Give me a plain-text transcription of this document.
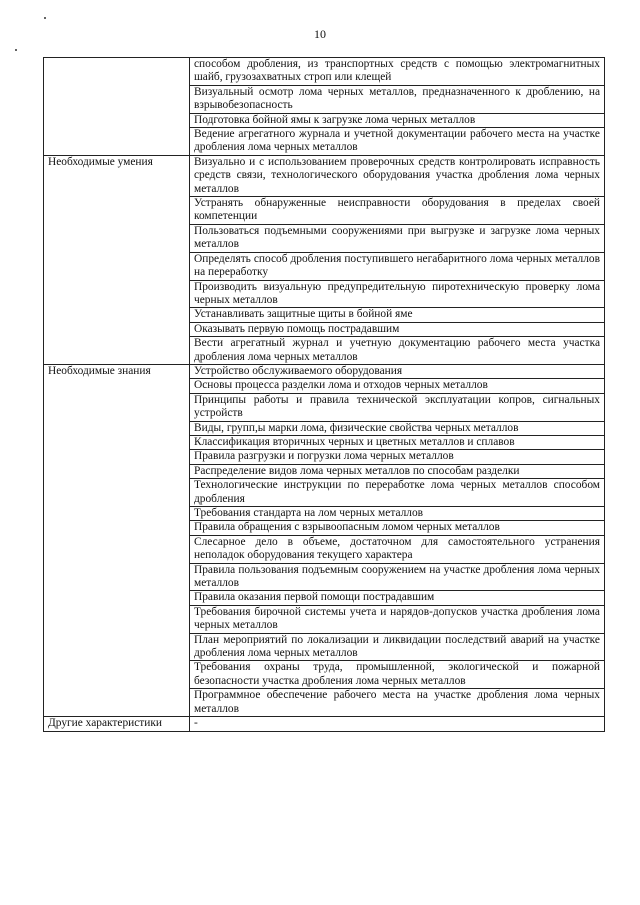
10
	способом дробления, из транспортных средств с помощью электромагнитных шайб, грузозахватных строп или клещей
	Визуальный осмотр лома черных металлов, предназначенного к дроблению, на взрывобезопасность
	Подготовка бойной ямы к загрузке лома черных металлов
	Ведение агрегатного журнала и учетной документации рабочего места на участке дробления лома черных металлов
Необходимые умения	Визуально и с использованием проверочных средств контролировать исправность средств связи, технологического оборудования участка дробления лома черных металлов
	Устранять обнаруженные неисправности оборудования в пределах своей компетенции
	Пользоваться подъемными сооружениями при выгрузке и загрузке лома черных металлов
	Определять способ дробления поступившего негабаритного лома черных металлов на переработку
	Производить визуальную предупредительную пиротехническую проверку лома черных металлов
	Устанавливать защитные щиты в бойной яме
	Оказывать первую помощь пострадавшим
	Вести агрегатный журнал и учетную документацию рабочего места участка дробления лома черных металлов
Необходимые знания	Устройство обслуживаемого оборудования
	Основы процесса разделки лома и отходов черных металлов
	Принципы работы и правила технической эксплуатации копров, сигнальных устройств
	Виды, групп,ы марки лома, физические свойства черных металлов
	Классификация вторичных черных и цветных металлов и сплавов
	Правила разгрузки и погрузки лома черных металлов
	Распределение видов лома черных металлов по способам разделки
	Технологические инструкции по переработке лома черных металлов способом дробления
	Требования стандарта на лом черных металлов
	Правила обращения с взрывоопасным ломом черных металлов
	Слесарное дело в объеме, достаточном для самостоятельного устранения неполадок оборудования текущего характера
	Правила пользования подъемным сооружением на участке дробления лома черных металлов
	Правила оказания первой помощи пострадавшим
	Требования бирочной системы учета и нарядов-допусков участка дробления лома черных металлов
	План мероприятий по локализации и ликвидации последствий аварий на участке дробления лома черных металлов
	Требования охраны труда, промышленной, экологической и пожарной безопасности участка дробления лома черных металлов
	Программное обеспечение рабочего места на участке дробления лома черных металлов
Другие характеристики	-
